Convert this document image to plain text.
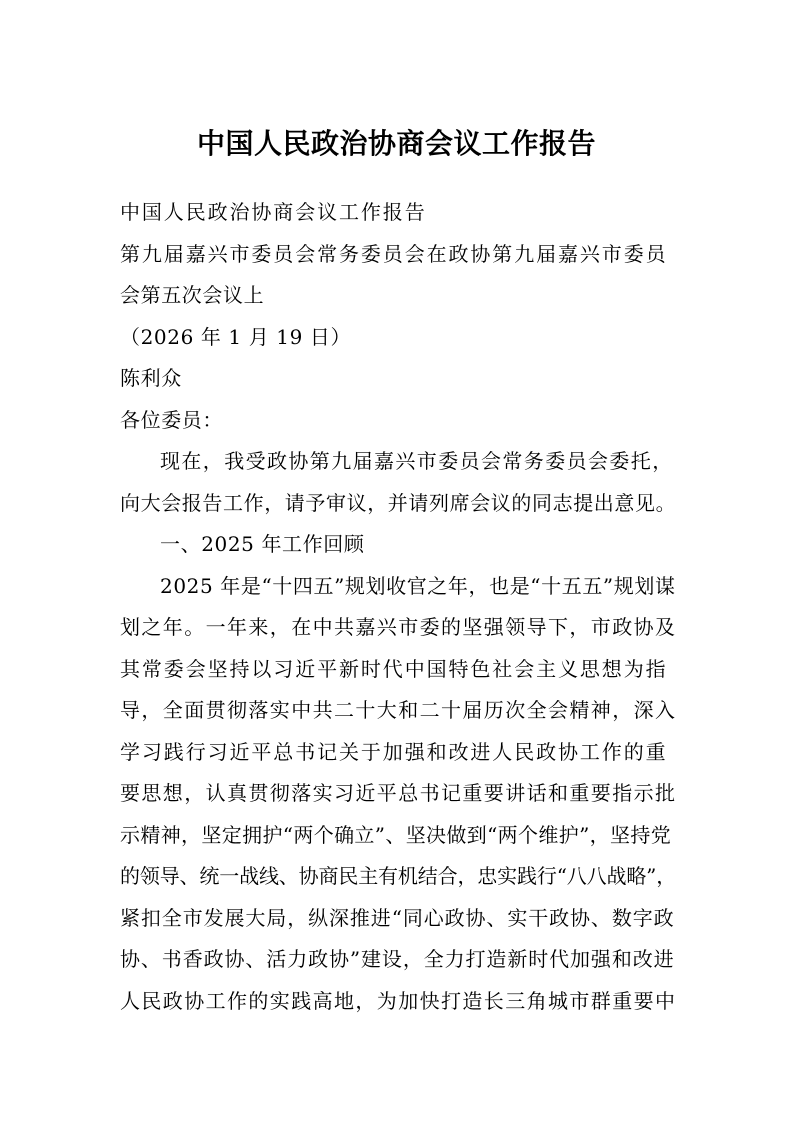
中国人民政治协商会议工作报告

中国人民政治协商会议工作报告

第九届嘉兴市委员会常务委员会在政协第九届嘉兴市委员

会第五次会议上

（2026 年 1 月 19 日）

陈利众

各位委员：

现在，我受政协第九届嘉兴市委员会常务委员会委托，

向大会报告工作，请予审议，并请列席会议的同志提出意见。

一、2025 年工作回顾

2025 年是“十四五”规划收官之年，也是“十五五”规划谋

划之年。一年来，在中共嘉兴市委的坚强领导下，市政协及

其常委会坚持以习近平新时代中国特色社会主义思想为指

导，全面贯彻落实中共二十大和二十届历次全会精神，深入

学习践行习近平总书记关于加强和改进人民政协工作的重

要思想，认真贯彻落实习近平总书记重要讲话和重要指示批

示精神，坚定拥护“两个确立”、坚决做到“两个维护”，坚持党

的领导、统一战线、协商民主有机结合，忠实践行“八八战略”，

紧扣全市发展大局，纵深推进“同心政协、实干政协、数字政

协、书香政协、活力政协”建设，全力打造新时代加强和改进

人民政协工作的实践高地，为加快打造长三角城市群重要中
